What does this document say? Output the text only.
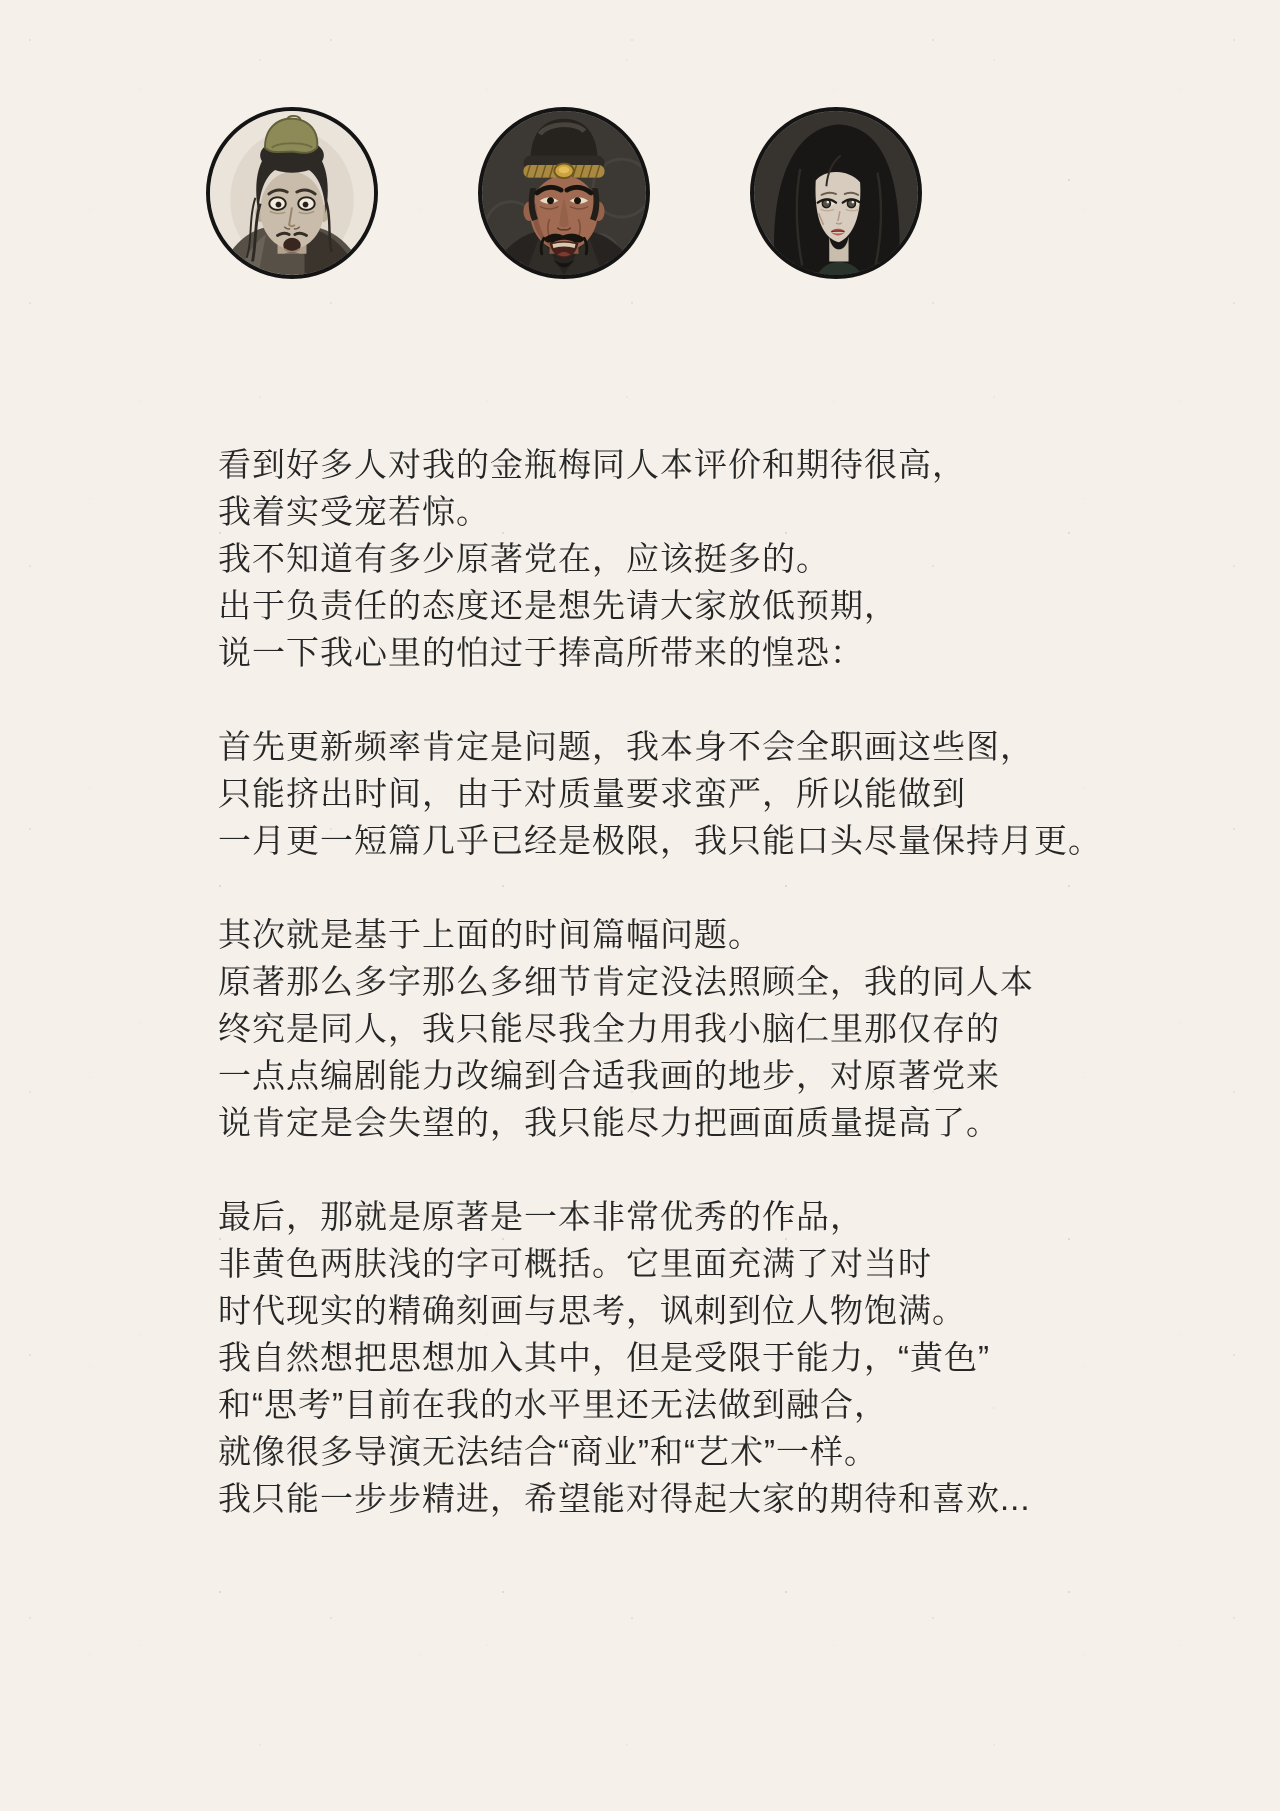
看到好多人对我的金瓶梅同人本评价和期待很高，
我着实受宠若惊。
我不知道有多少原著党在，应该挺多的。
出于负责任的态度还是想先请大家放低预期，
说一下我心里的怕过于捧高所带来的惶恐：
首先更新频率肯定是问题，我本身不会全职画这些图，
只能挤出时间，由于对质量要求蛮严，所以能做到
一月更一短篇几乎已经是极限，我只能口头尽量保持月更。
其次就是基于上面的时间篇幅问题。
原著那么多字那么多细节肯定没法照顾全，我的同人本
终究是同人，我只能尽我全力用我小脑仁里那仅存的
一点点编剧能力改编到合适我画的地步，对原著党来
说肯定是会失望的，我只能尽力把画面质量提高了。
最后，那就是原著是一本非常优秀的作品，
非黄色两肤浅的字可概括。它里面充满了对当时
时代现实的精确刻画与思考，讽刺到位人物饱满。
我自然想把思想加入其中，但是受限于能力，“黄色”
和“思考”目前在我的水平里还无法做到融合，
就像很多导演无法结合“商业”和“艺术”一样。
我只能一步步精进，希望能对得起大家的期待和喜欢...
